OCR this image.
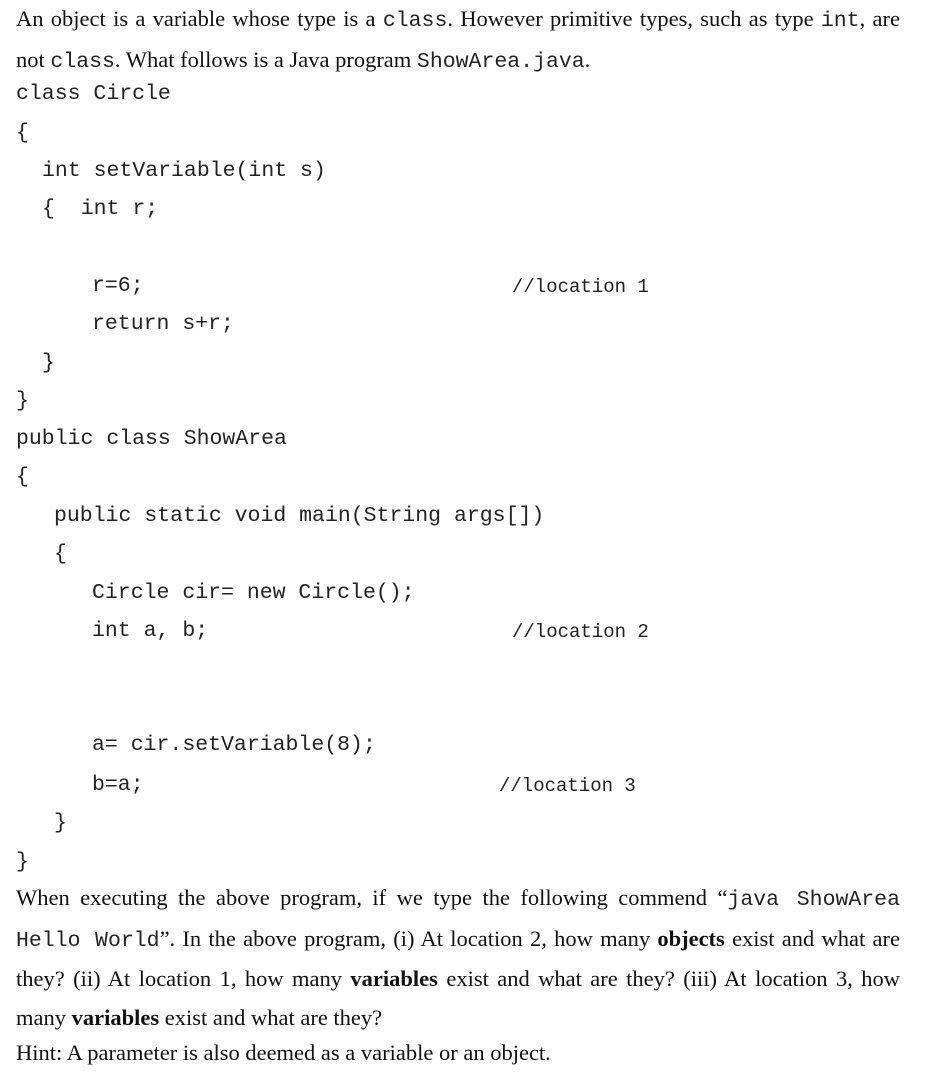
An object is a variable whose type is a class. However primitive types, such as type int, are not class. What follows is a Java program ShowArea.java.

class Circle
{
int setVariable(int s)
{  int r;
r=6;	//location 1
return s+r;
}
}
public class ShowArea
{
public static void main(String args[])
{
Circle cir= new Circle();
int a, b;	//location 2
a= cir.setVariable(8);
b=a;	//location 3
}
}

When executing the above program, if we type the following commend “java ShowArea Hello World”. In the above program, (i) At location 2, how many objects exist and what are they? (ii) At location 1, how many variables exist and what are they? (iii) At location 3, how many variables exist and what are they?

Hint: A parameter is also deemed as a variable or an object.
